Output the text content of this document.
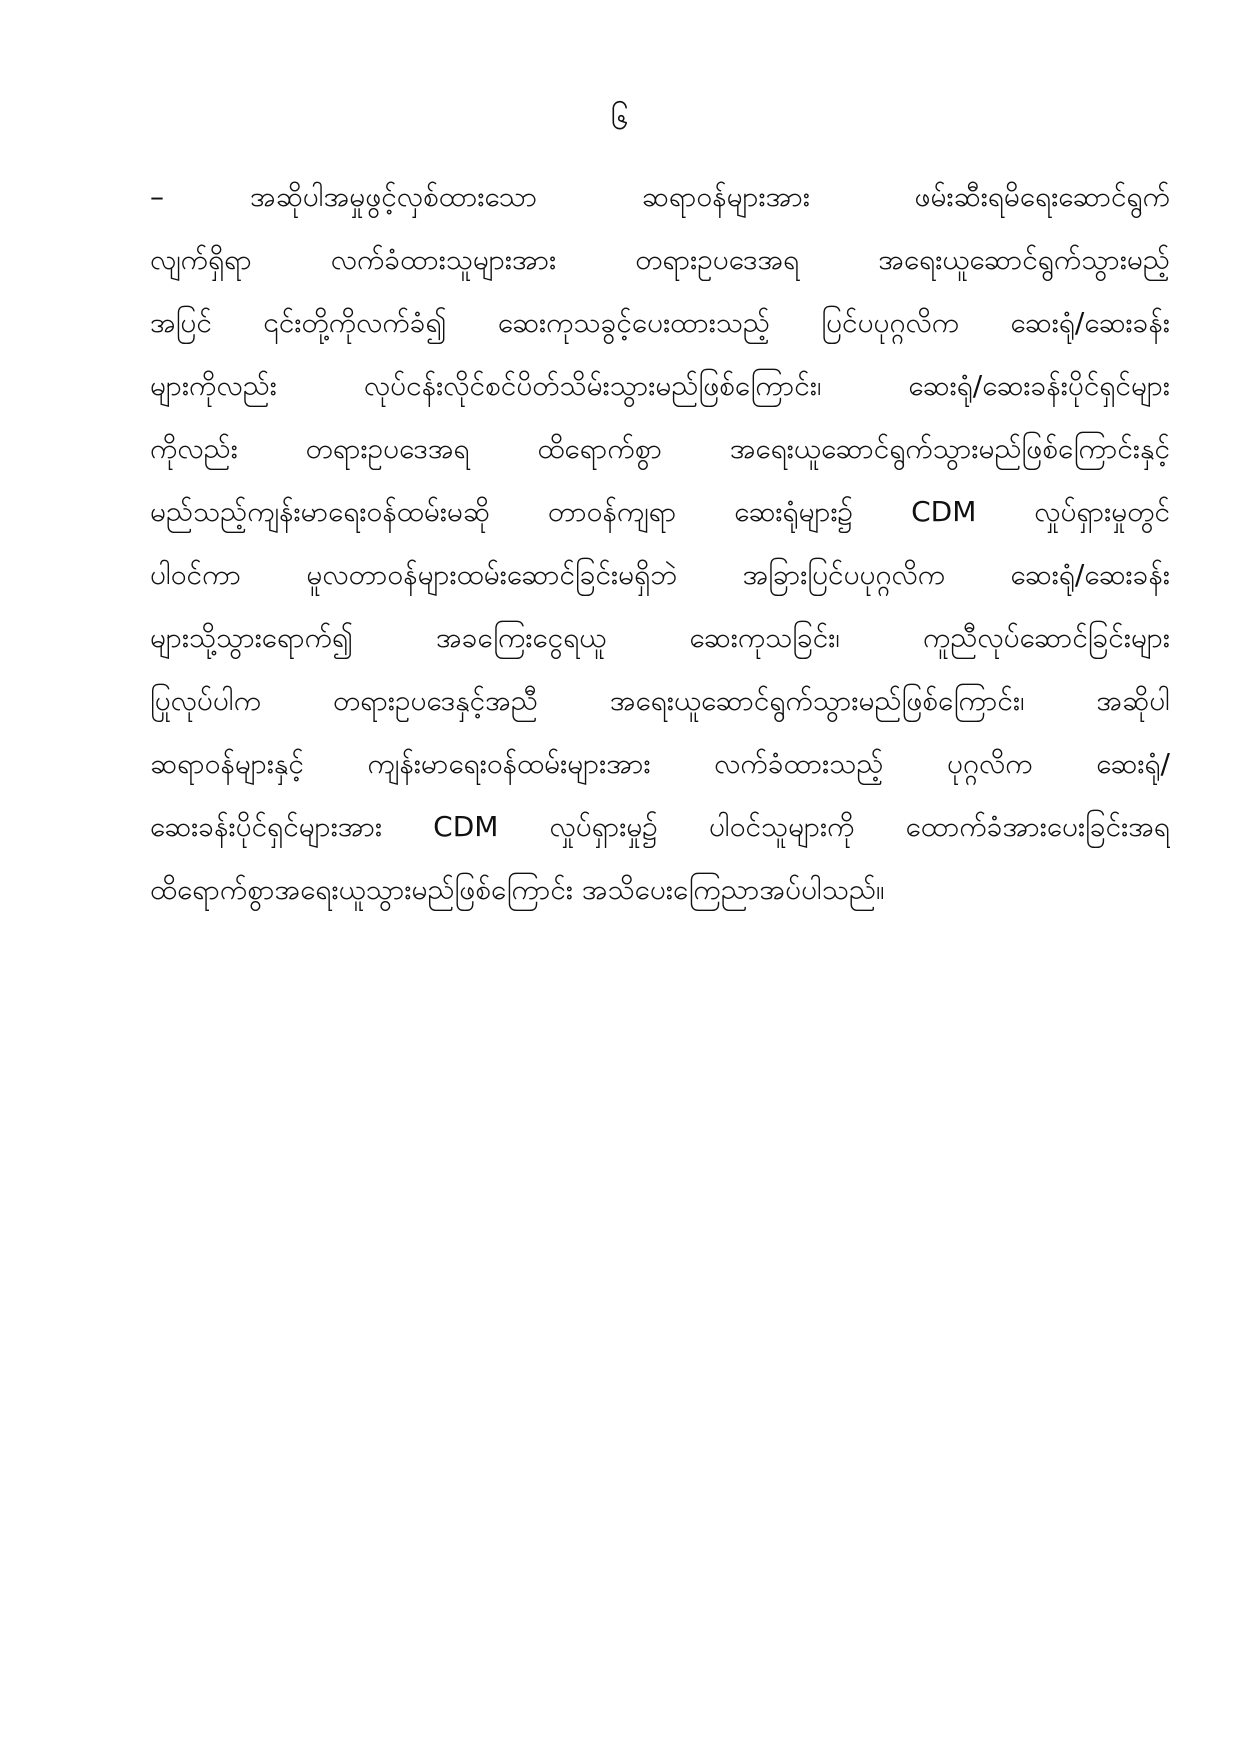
၆
–	အဆိုပါအမှုဖွင့်လှစ်ထားသော ဆရာဝန်များအား ဖမ်းဆီးရမိရေးဆောင်ရွက်
လျက်ရှိရာ လက်ခံထားသူများအား တရားဥပဒေအရ အရေးယူဆောင်ရွက်သွားမည့်
အပြင် ၎င်းတို့ကိုလက်ခံ၍ ဆေးကုသခွင့်ပေးထားသည့် ပြင်ပပုဂ္ဂလိက ဆေးရုံ/ဆေးခန်း
များကိုလည်း လုပ်ငန်းလိုင်စင်ပိတ်သိမ်းသွားမည်ဖြစ်ကြောင်း၊ ဆေးရုံ/ဆေးခန်းပိုင်ရှင်များ
ကိုလည်း တရားဥပဒေအရ ထိရောက်စွာ အရေးယူဆောင်ရွက်သွားမည်ဖြစ်ကြောင်းနှင့်
မည်သည့်ကျန်းမာရေးဝန်ထမ်းမဆို တာဝန်ကျရာ ဆေးရုံများ၌ CDM လှုပ်ရှားမှုတွင်
ပါဝင်ကာ မူလတာဝန်များထမ်းဆောင်ခြင်းမရှိဘဲ အခြားပြင်ပပုဂ္ဂလိက ဆေးရုံ/ဆေးခန်း
များသို့သွားရောက်၍ အခကြေးငွေရယူ ဆေးကုသခြင်း၊ ကူညီလုပ်ဆောင်ခြင်းများ
ပြုလုပ်ပါက တရားဥပဒေနှင့်အညီ အရေးယူဆောင်ရွက်သွားမည်ဖြစ်ကြောင်း၊ အဆိုပါ
ဆရာဝန်များနှင့် ကျန်းမာရေးဝန်ထမ်းများအား လက်ခံထားသည့် ပုဂ္ဂလိက ဆေးရုံ/
ဆေးခန်းပိုင်ရှင်များအား CDM လှုပ်ရှားမှု၌ ပါဝင်သူများကို ထောက်ခံအားပေးခြင်းအရ
ထိရောက်စွာအရေးယူသွားမည်ဖြစ်ကြောင်း အသိပေးကြေညာအပ်ပါသည်။
